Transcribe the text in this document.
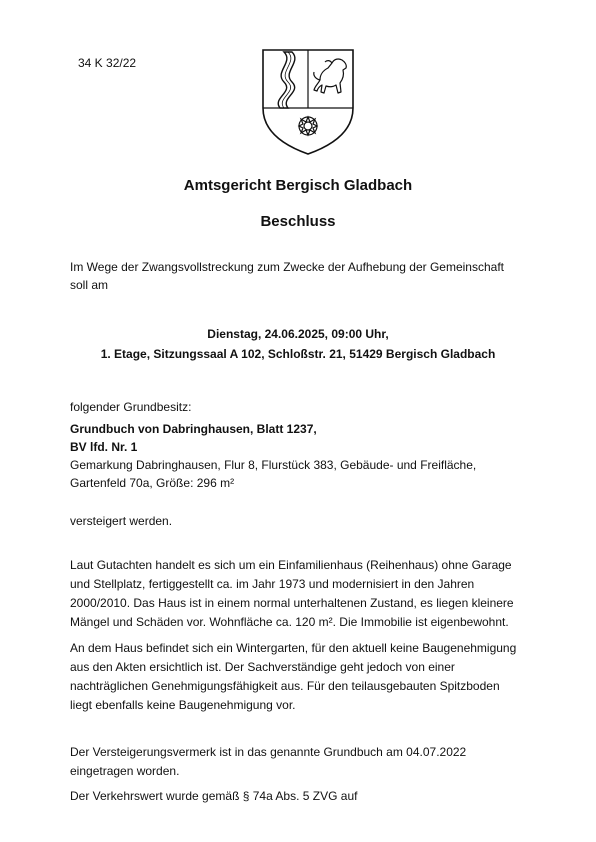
34 K 32/22
Amtsgericht Bergisch Gladbach
Beschluss
Im Wege der Zwangsvollstreckung zum Zwecke der Aufhebung der Gemeinschaft
soll am
Dienstag, 24.06.2025, 09:00 Uhr,
1. Etage, Sitzungssaal A 102, Schloßstr. 21, 51429 Bergisch Gladbach
folgender Grundbesitz:
Grundbuch von Dabringhausen, Blatt 1237,
BV lfd. Nr. 1
Gemarkung Dabringhausen, Flur 8, Flurstück 383, Gebäude- und Freifläche,
Gartenfeld 70a, Größe: 296 m²
versteigert werden.
Laut Gutachten handelt es sich um ein Einfamilienhaus (Reihenhaus) ohne Garage
und Stellplatz, fertiggestellt ca. im Jahr 1973 und modernisiert in den Jahren
2000/2010. Das Haus ist in einem normal unterhaltenen Zustand, es liegen kleinere
Mängel und Schäden vor. Wohnfläche ca. 120 m². Die Immobilie ist eigenbewohnt.
An dem Haus befindet sich ein Wintergarten, für den aktuell keine Baugenehmigung
aus den Akten ersichtlich ist. Der Sachverständige geht jedoch von einer
nachträglichen Genehmigungsfähigkeit aus. Für den teilausgebauten Spitzboden
liegt ebenfalls keine Baugenehmigung vor.
Der Versteigerungsvermerk ist in das genannte Grundbuch am 04.07.2022
eingetragen worden.
Der Verkehrswert wurde gemäß § 74a Abs. 5 ZVG auf
